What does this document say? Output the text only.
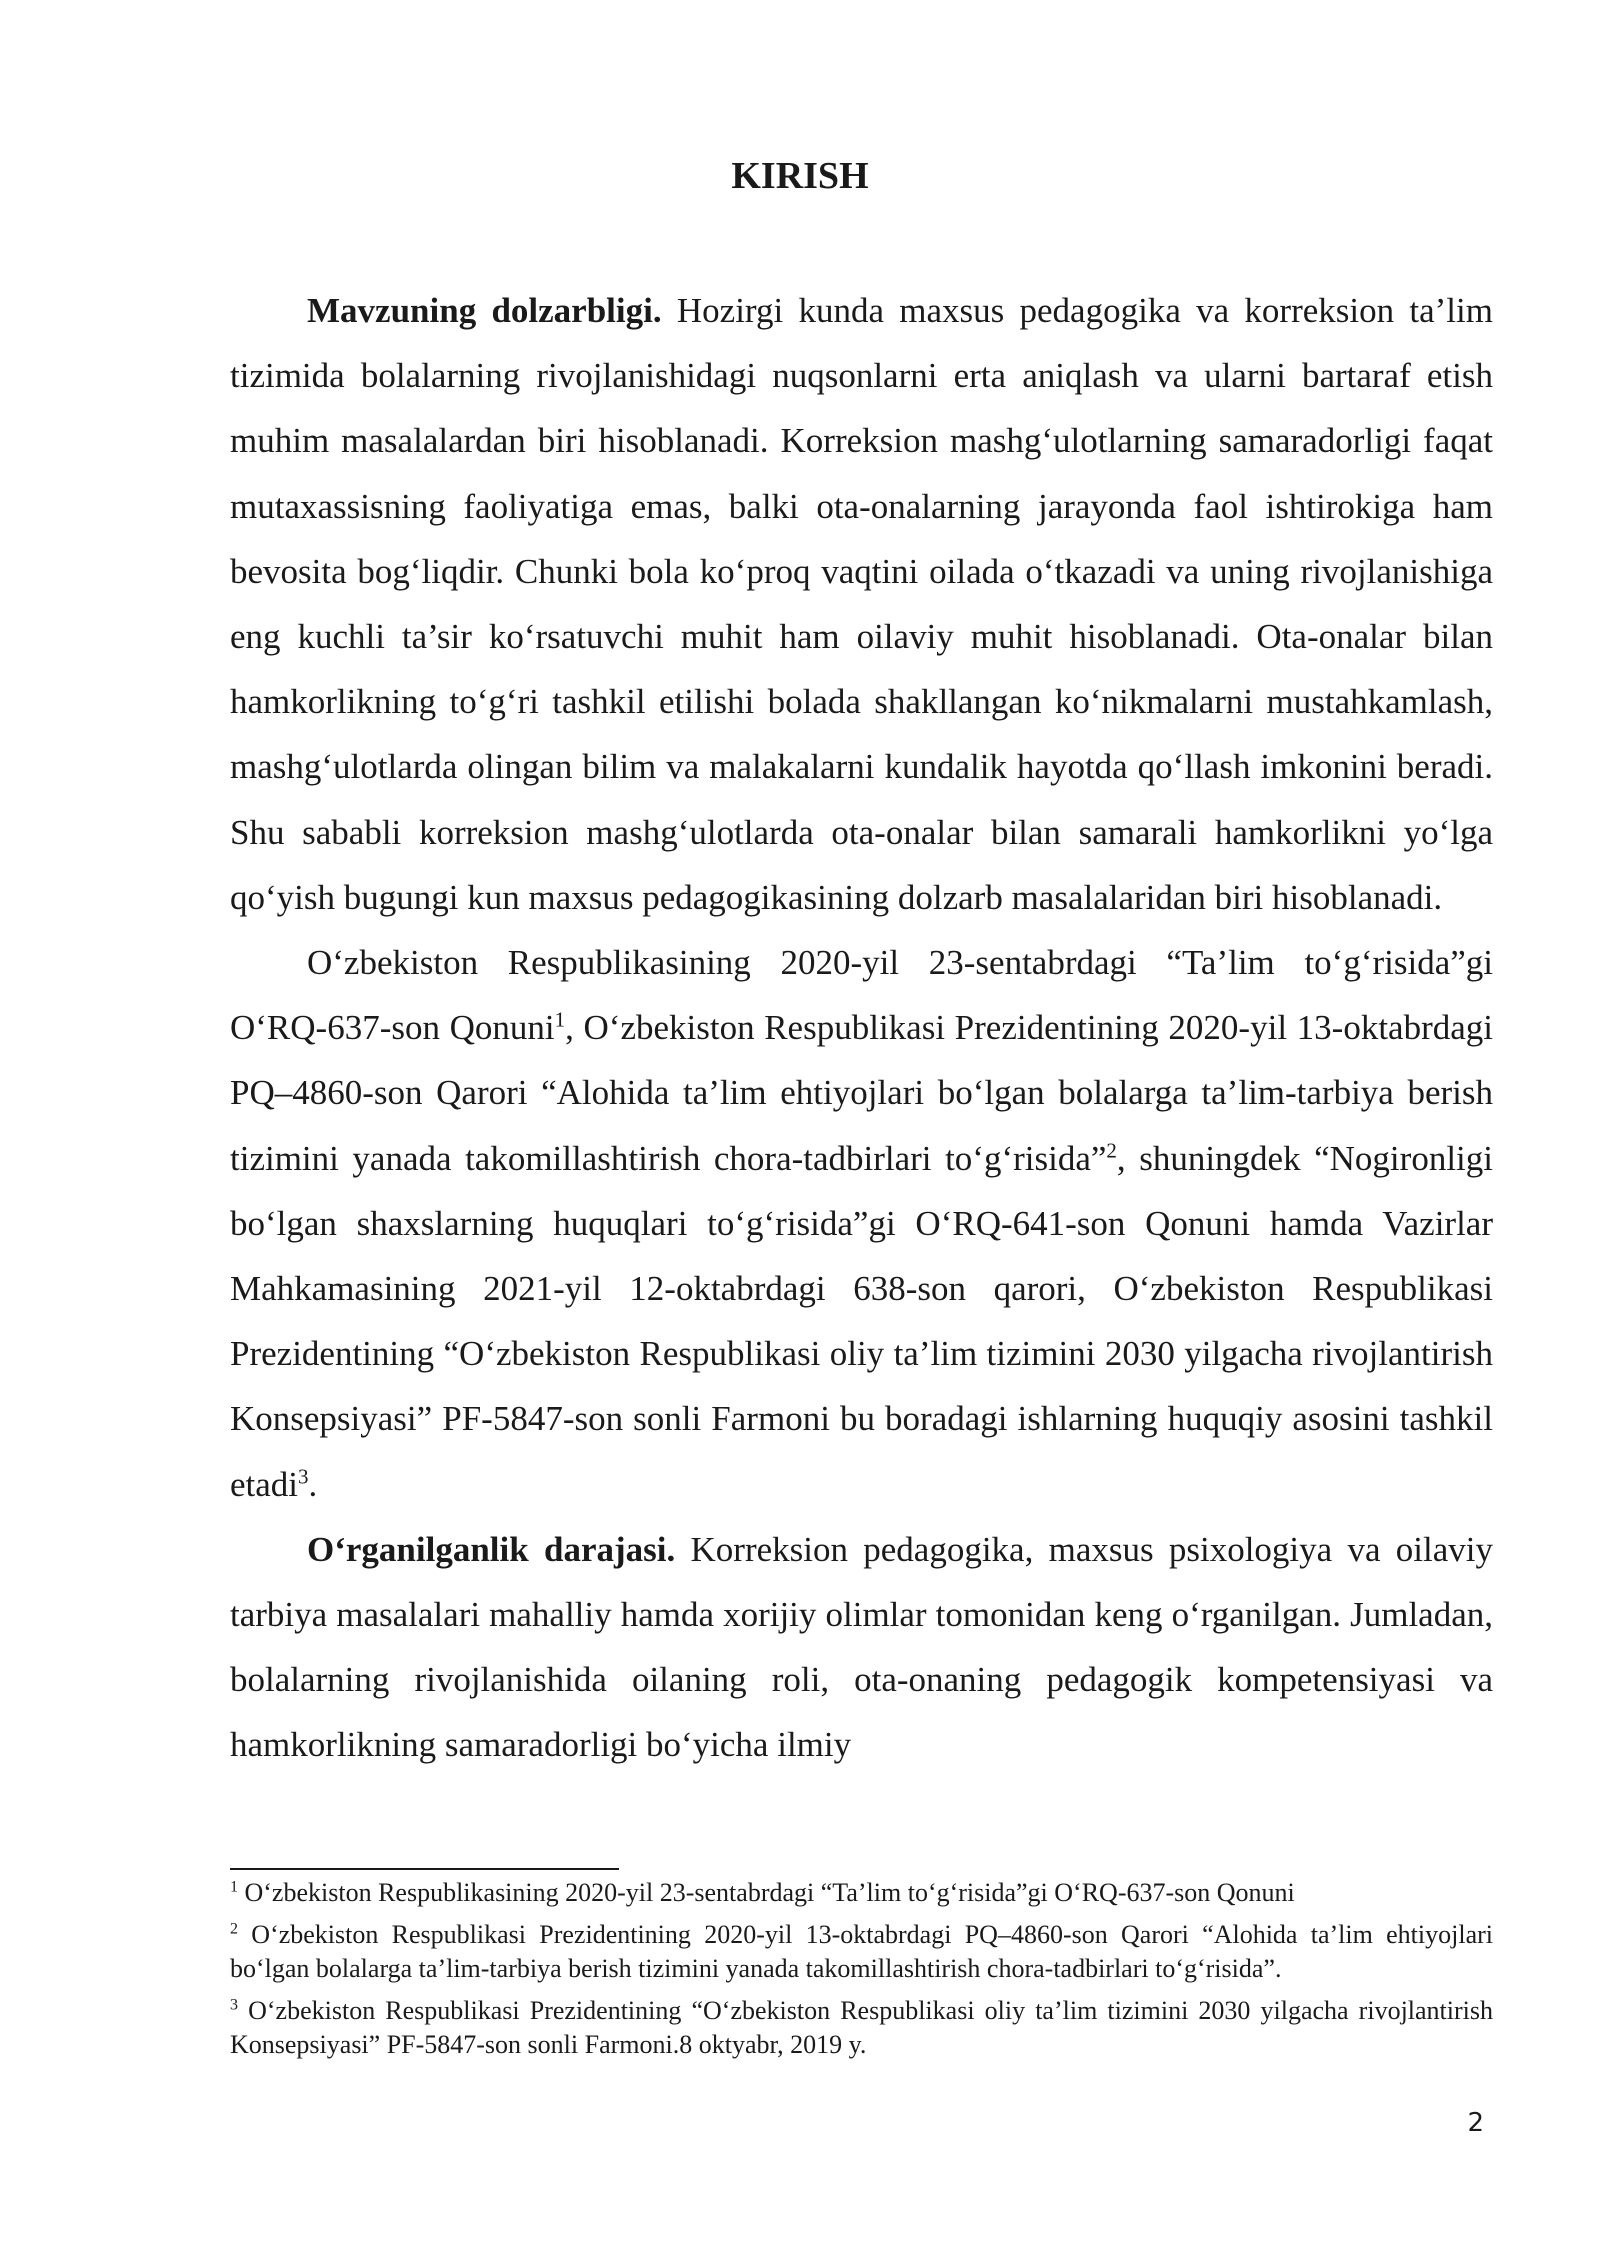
KIRISH

Mavzuning dolzarbligi. Hozirgi kunda maxsus pedagogika va korreksion ta’lim tizimida bolalarning rivojlanishidagi nuqsonlarni erta aniqlash va ularni bartaraf etish muhim masalalardan biri hisoblanadi. Korreksion mashg‘ulotlarning samaradorligi faqat mutaxassisning faoliyatiga emas, balki ota-onalarning jarayonda faol ishtirokiga ham bevosita bog‘liqdir. Chunki bola ko‘proq vaqtini oilada o‘tkazadi va uning rivojlanishiga eng kuchli ta’sir ko‘rsatuvchi muhit ham oilaviy muhit hisoblanadi. Ota-onalar bilan hamkorlikning to‘g‘ri tashkil etilishi bolada shakllangan ko‘nikmalarni mustahkamlash, mashg‘ulotlarda olingan bilim va malakalarni kundalik hayotda qo‘llash imkonini beradi. Shu sababli korreksion mashg‘ulotlarda ota-onalar bilan samarali hamkorlikni yo‘lga qo‘yish bugungi kun maxsus pedagogikasining dolzarb masalalaridan biri hisoblanadi.

O‘zbekiston Respublikasining 2020-yil 23-sentabrdagi “Ta’lim to‘g‘risida”gi O‘RQ-637-son Qonuni$^1$, O‘zbekiston Respublikasi Prezidentining 2020-yil 13-oktabrdagi PQ–4860-son Qarori “Alohida ta’lim ehtiyojlari bo‘lgan bolalarga ta’lim-tarbiya berish tizimini yanada takomillashtirish chora-tadbirlari to‘g‘risida”$^2$, shuningdek “Nogironligi bo‘lgan shaxslarning huquqlari to‘g‘risida”gi O‘RQ-641-son Qonuni hamda Vazirlar Mahkamasining 2021-yil 12-oktabrdagi 638-son qarori, O‘zbekiston Respublikasi Prezidentining “O‘zbekiston Respublikasi oliy ta’lim tizimini 2030 yilgacha rivojlantirish Konsepsiyasi” PF-5847-son sonli Farmoni bu boradagi ishlarning huquqiy asosini tashkil etadi$^3$.

O‘rganilganlik darajasi. Korreksion pedagogika, maxsus psixologiya va oilaviy tarbiya masalalari mahalliy hamda xorijiy olimlar tomonidan keng o‘rganilgan. Jumladan, bolalarning rivojlanishida oilaning roli, ota-onaning pedagogik kompetensiyasi va hamkorlikning samaradorligi bo‘yicha ilmiy

$^1$ O‘zbekiston Respublikasining 2020-yil 23-sentabrdagi “Ta’lim to‘g‘risida”gi O‘RQ-637-son Qonuni

$^2$ O‘zbekiston Respublikasi Prezidentining 2020-yil 13-oktabrdagi PQ–4860-son Qarori “Alohida ta’lim ehtiyojlari bo‘lgan bolalarga ta’lim-tarbiya berish tizimini yanada takomillashtirish chora-tadbirlari to‘g‘risida”.

$^3$ O‘zbekiston Respublikasi Prezidentining “O‘zbekiston Respublikasi oliy ta’lim tizimini 2030 yilgacha rivojlantirish Konsepsiyasi” PF-5847-son sonli Farmoni.8 oktyabr, 2019 y.

2
